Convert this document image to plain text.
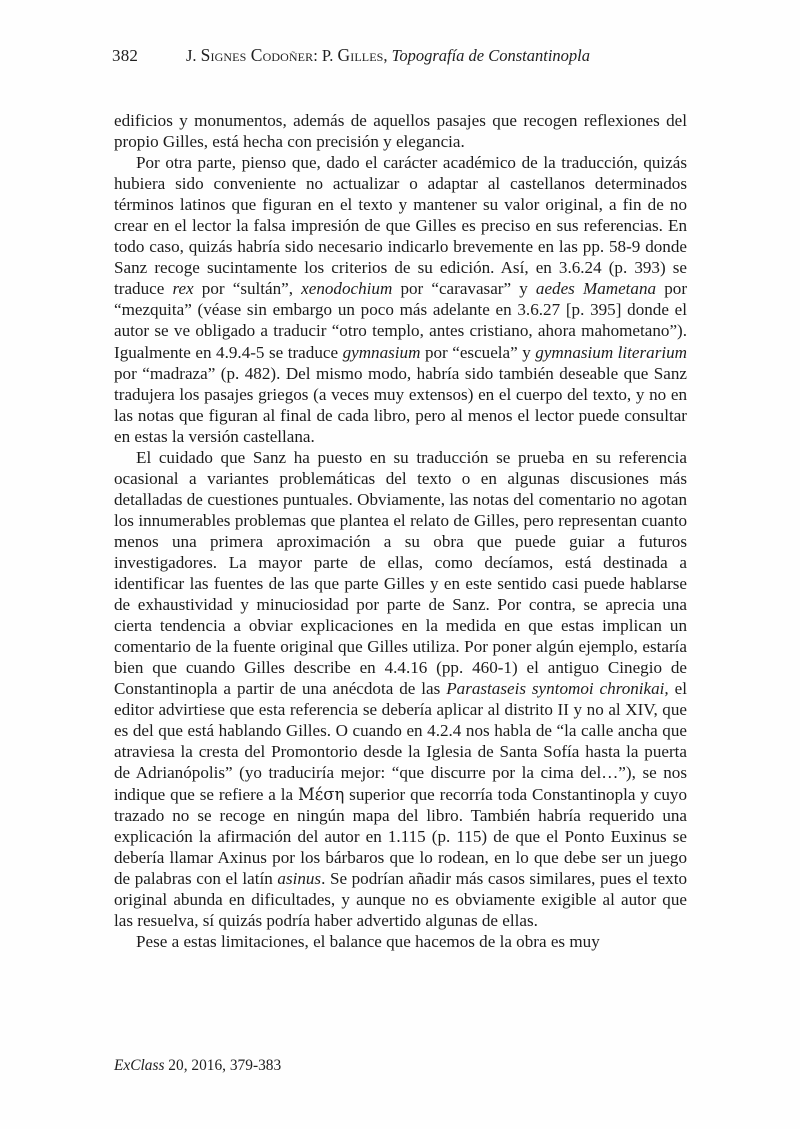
382	J. Signes Codoñer: P. Gilles, Topografía de Constantinopla

edificios y monumentos, además de aquellos pasajes que recogen reflexiones del propio Gilles, está hecha con precisión y elegancia.

Por otra parte, pienso que, dado el carácter académico de la traducción, quizás hubiera sido conveniente no actualizar o adaptar al castellanos determinados términos latinos que figuran en el texto y mantener su valor original, a fin de no crear en el lector la falsa impresión de que Gilles es preciso en sus referencias. En todo caso, quizás habría sido necesario indicarlo brevemente en las pp. 58-9 donde Sanz recoge sucintamente los criterios de su edición. Así, en 3.6.24 (p. 393) se traduce rex por “sultán”, xenodochium por “caravasar” y aedes Mametana por “mezquita” (véase sin embargo un poco más adelante en 3.6.27 [p. 395] donde el autor se ve obligado a traducir “otro templo, antes cristiano, ahora mahometano”). Igualmente en 4.9.4-5 se traduce gymnasium por “escuela” y gymnasium literarium por “madraza” (p. 482). Del mismo modo, habría sido también deseable que Sanz tradujera los pasajes griegos (a veces muy extensos) en el cuerpo del texto, y no en las notas que figuran al final de cada libro, pero al menos el lector puede consultar en estas la versión castellana.

El cuidado que Sanz ha puesto en su traducción se prueba en su referencia ocasional a variantes problemáticas del texto o en algunas discusiones más detalladas de cuestiones puntuales. Obviamente, las notas del comentario no agotan los innumerables problemas que plantea el relato de Gilles, pero representan cuanto menos una primera aproximación a su obra que puede guiar a futuros investigadores. La mayor parte de ellas, como decíamos, está destinada a identificar las fuentes de las que parte Gilles y en este sentido casi puede hablarse de exhaustividad y minuciosidad por parte de Sanz. Por contra, se aprecia una cierta tendencia a obviar explicaciones en la medida en que estas implican un comentario de la fuente original que Gilles utiliza. Por poner algún ejemplo, estaría bien que cuando Gilles describe en 4.4.16 (pp. 460-1) el antiguo Cinegio de Constantinopla a partir de una anécdota de las Parastaseis syntomoi chronikai, el editor advirtiese que esta referencia se debería aplicar al distrito II y no al XIV, que es del que está hablando Gilles. O cuando en 4.2.4 nos habla de “la calle ancha que atraviesa la cresta del Promontorio desde la Iglesia de Santa Sofía hasta la puerta de Adrianópolis” (yo traduciría mejor: “que discurre por la cima del…”), se nos indique que se refiere a la Μέση superior que recorría toda Constantinopla y cuyo trazado no se recoge en ningún mapa del libro. También habría requerido una explicación la afirmación del autor en 1.115 (p. 115) de que el Ponto Euxinus se debería llamar Axinus por los bárbaros que lo rodean, en lo que debe ser un juego de palabras con el latín asinus. Se podrían añadir más casos similares, pues el texto original abunda en dificultades, y aunque no es obviamente exigible al autor que las resuelva, sí quizás podría haber advertido algunas de ellas.

Pese a estas limitaciones, el balance que hacemos de la obra es muy

ExClass 20, 2016, 379-383
